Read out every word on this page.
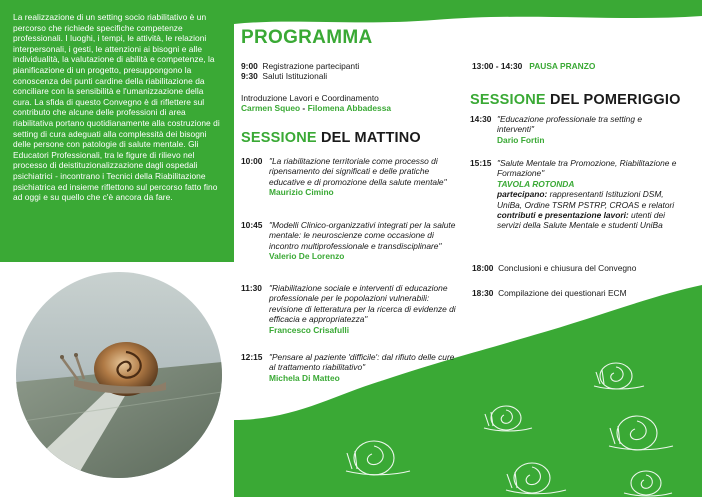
La realizzazione di un setting socio riabilitativo è un percorso che richiede specifiche competenze professionali. I luoghi, i tempi, le attività, le relazioni interpersonali, i gesti, le attenzioni ai bisogni e alle individualità, la valutazione di abilità e competenze, la pianificazione di un progetto, presuppongono la conoscenza dei punti cardine della riabilitazione da conciliare con la sensibilità e l'umanizzazione della cura. La sfida di questo Convegno è di riflettere sul contributo che alcune delle professioni di area riabilitativa portano quotidianamente alla costruzione di setting di cura adeguati alla complessità dei bisogni delle persone con patologie di salute mentale. Gli Educatori Professionali, tra le figure di rilievo nel processo di deistituzionalizzazione dagli ospedali psichiatrici - incontrano i Tecnici della Riabilitazione psichiatrica ed insieme riflettono sul percorso fatto fino ad oggi e su quello che c'è ancora da fare.

PROGRAMMA
9:00 Registrazione partecipanti
9:30 Saluti Istituzionali
Introduzione Lavori e Coordinamento
Carmen Squeo - Filomena Abbadessa
SESSIONE DEL MATTINO
10:00 "La riabilitazione territoriale come processo di ripensamento dei significati e delle pratiche educative e di promozione della salute mentale"
Maurizio Cimino
10:45 "Modelli Clinico-organizzativi integrati per la salute mentale: le neuroscienze come occasione di incontro multiprofessionale e transdisciplinare"
Valerio De Lorenzo
11:30 "Riabilitazione sociale e interventi di educazione professionale per le popolazioni vulnerabili: revisione di letteratura per la ricerca di evidenze di efficacia e appropriatezza"
Francesco Crisafulli
12:15 "Pensare al paziente 'difficile': dal rifiuto delle cure al trattamento riabilitativo"
Michela Di Matteo
13:00 - 14:30 PAUSA PRANZO
SESSIONE DEL POMERIGGIO
14:30 "Educazione professionale tra setting e interventi"
Dario Fortin
15:15 "Salute Mentale tra Promozione, Riabilitazione e Formazione"
TAVOLA ROTONDA
partecipano: rappresentanti Istituzioni DSM, UniBa, Ordine TSRM PSTRP, CROAS e relatori
contributi e presentazione lavori: utenti dei servizi della Salute Mentale e studenti UniBa
18:00 Conclusioni e chiusura del Convegno
18:30 Compilazione dei questionari ECM
